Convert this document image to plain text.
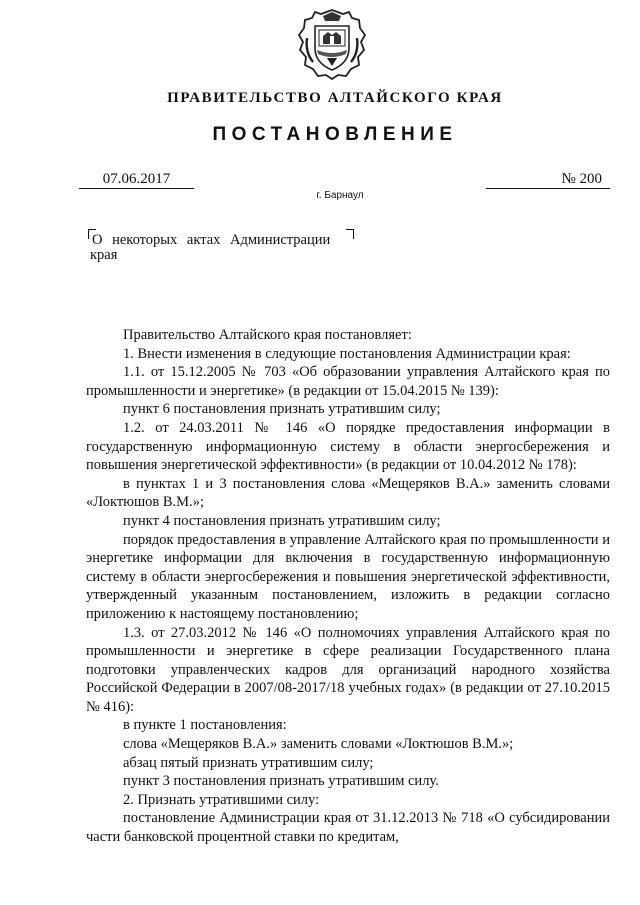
ПРАВИТЕЛЬСТВО АЛТАЙСКОГО КРАЯ
ПОСТАНОВЛЕНИЕ
07.06.2017	№ 200
г. Барнаул
О некоторых актах Администрации
края

Правительство Алтайского края постановляет:

1. Внести изменения в следующие постановления Администрации края:

1.1. от 15.12.2005 № 703 «Об образовании управления Алтайского края по промышленности и энергетике» (в редакции от 15.04.2015 № 139):

пункт 6 постановления признать утратившим силу;

1.2. от 24.03.2011 № 146 «О порядке предоставления информации в государственную информационную систему в области энергосбережения и повышения энергетической эффективности» (в редакции от 10.04.2012 № 178):

в пунктах 1 и 3 постановления слова «Мещеряков В.А.» заменить словами «Локтюшов В.М.»;

пункт 4 постановления признать утратившим силу;

порядок предоставления в управление Алтайского края по промышленности и энергетике информации для включения в государственную информационную систему в области энергосбережения и повышения энергетической эффективности, утвержденный указанным постановлением, изложить в редакции согласно приложению к настоящему постановлению;

1.3. от 27.03.2012 № 146 «О полномочиях управления Алтайского края по промышленности и энергетике в сфере реализации Государственного плана подготовки управленческих кадров для организаций народного хозяйства Российской Федерации в 2007/08-2017/18 учебных годах» (в редакции от 27.10.2015 № 416):

в пункте 1 постановления:

слова «Мещеряков В.А.» заменить словами «Локтюшов В.М.»;

абзац пятый признать утратившим силу;

пункт 3 постановления признать утратившим силу.

2. Признать утратившими силу:

постановление Администрации края от 31.12.2013 № 718 «О субсидировании части банковской процентной ставки по кредитам,
